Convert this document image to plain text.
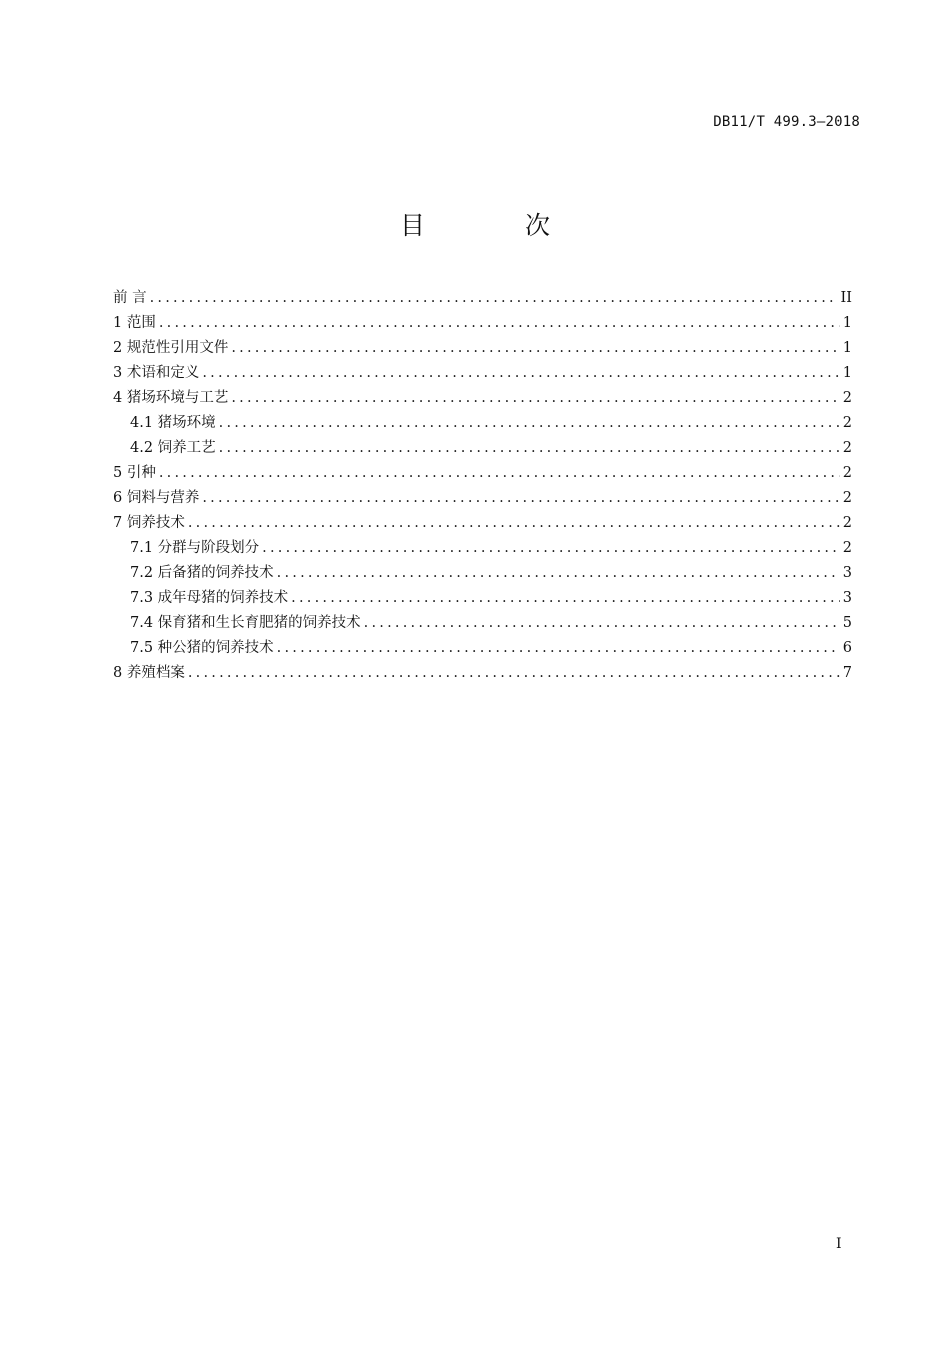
DB11/T 499.3—2018
目 次
前 言 .....	II
1 范围 .....	1
2 规范性引用文件 .....	1
3 术语和定义 .....	1
4 猪场环境与工艺 .....	2
4.1 猪场环境 .....	2
4.2 饲养工艺 .....	2
5 引种 .....	2
6 饲料与营养 .....	2
7 饲养技术 .....	2
7.1 分群与阶段划分 .....	2
7.2 后备猪的饲养技术 .....	3
7.3 成年母猪的饲养技术 .....	3
7.4 保育猪和生长育肥猪的饲养技术 .....	5
7.5 种公猪的饲养技术 .....	6
8 养殖档案 .....	7
I
